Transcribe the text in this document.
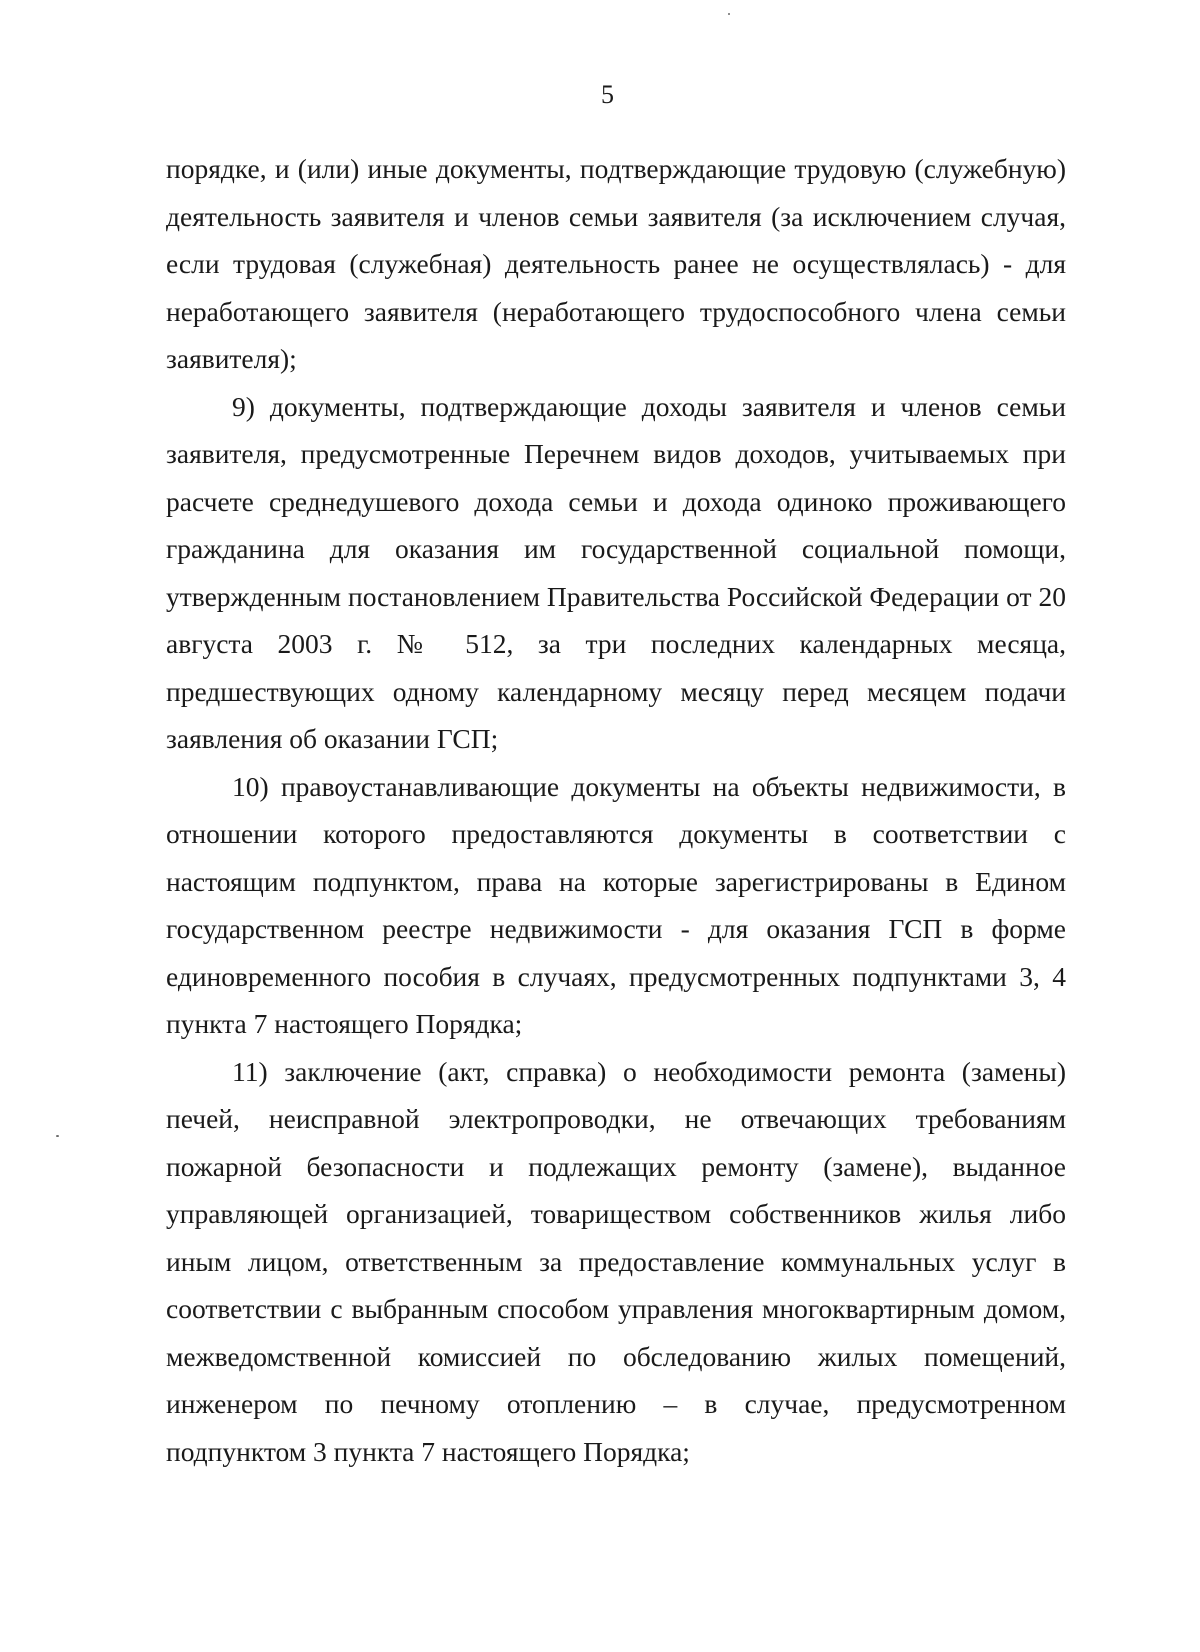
5

порядке, и (или) иные документы, подтверждающие трудовую (служебную) деятельность заявителя и членов семьи заявителя (за исключением случая, если трудовая (служебная) деятельность ранее не осуществлялась) - для неработающего заявителя (неработающего трудоспособного члена семьи заявителя);

9) документы, подтверждающие доходы заявителя и членов семьи заявителя, предусмотренные Перечнем видов доходов, учитываемых при расчете среднедушевого дохода семьи и дохода одиноко проживающего гражданина для оказания им государственной социальной помощи, утвержденным постановлением Правительства Российской Федерации от 20 августа 2003 г. № 512, за три последних календарных месяца, предшествующих одному календарному месяцу перед месяцем подачи заявления об оказании ГСП;

10) правоустанавливающие документы на объекты недвижимости, в отношении которого предоставляются документы в соответствии с настоящим подпунктом, права на которые зарегистрированы в Едином государственном реестре недвижимости - для оказания ГСП в форме единовременного пособия в случаях, предусмотренных подпунктами 3, 4 пункта 7 настоящего Порядка;

11) заключение (акт, справка) о необходимости ремонта (замены) печей, неисправной электропроводки, не отвечающих требованиям пожарной безопасности и подлежащих ремонту (замене), выданное управляющей организацией, товариществом собственников жилья либо иным лицом, ответственным за предоставление коммунальных услуг в соответствии с выбранным способом управления многоквартирным домом, межведомственной комиссией по обследованию жилых помещений, инженером по печному отоплению – в случае, предусмотренном подпунктом 3 пункта 7 настоящего Порядка;
